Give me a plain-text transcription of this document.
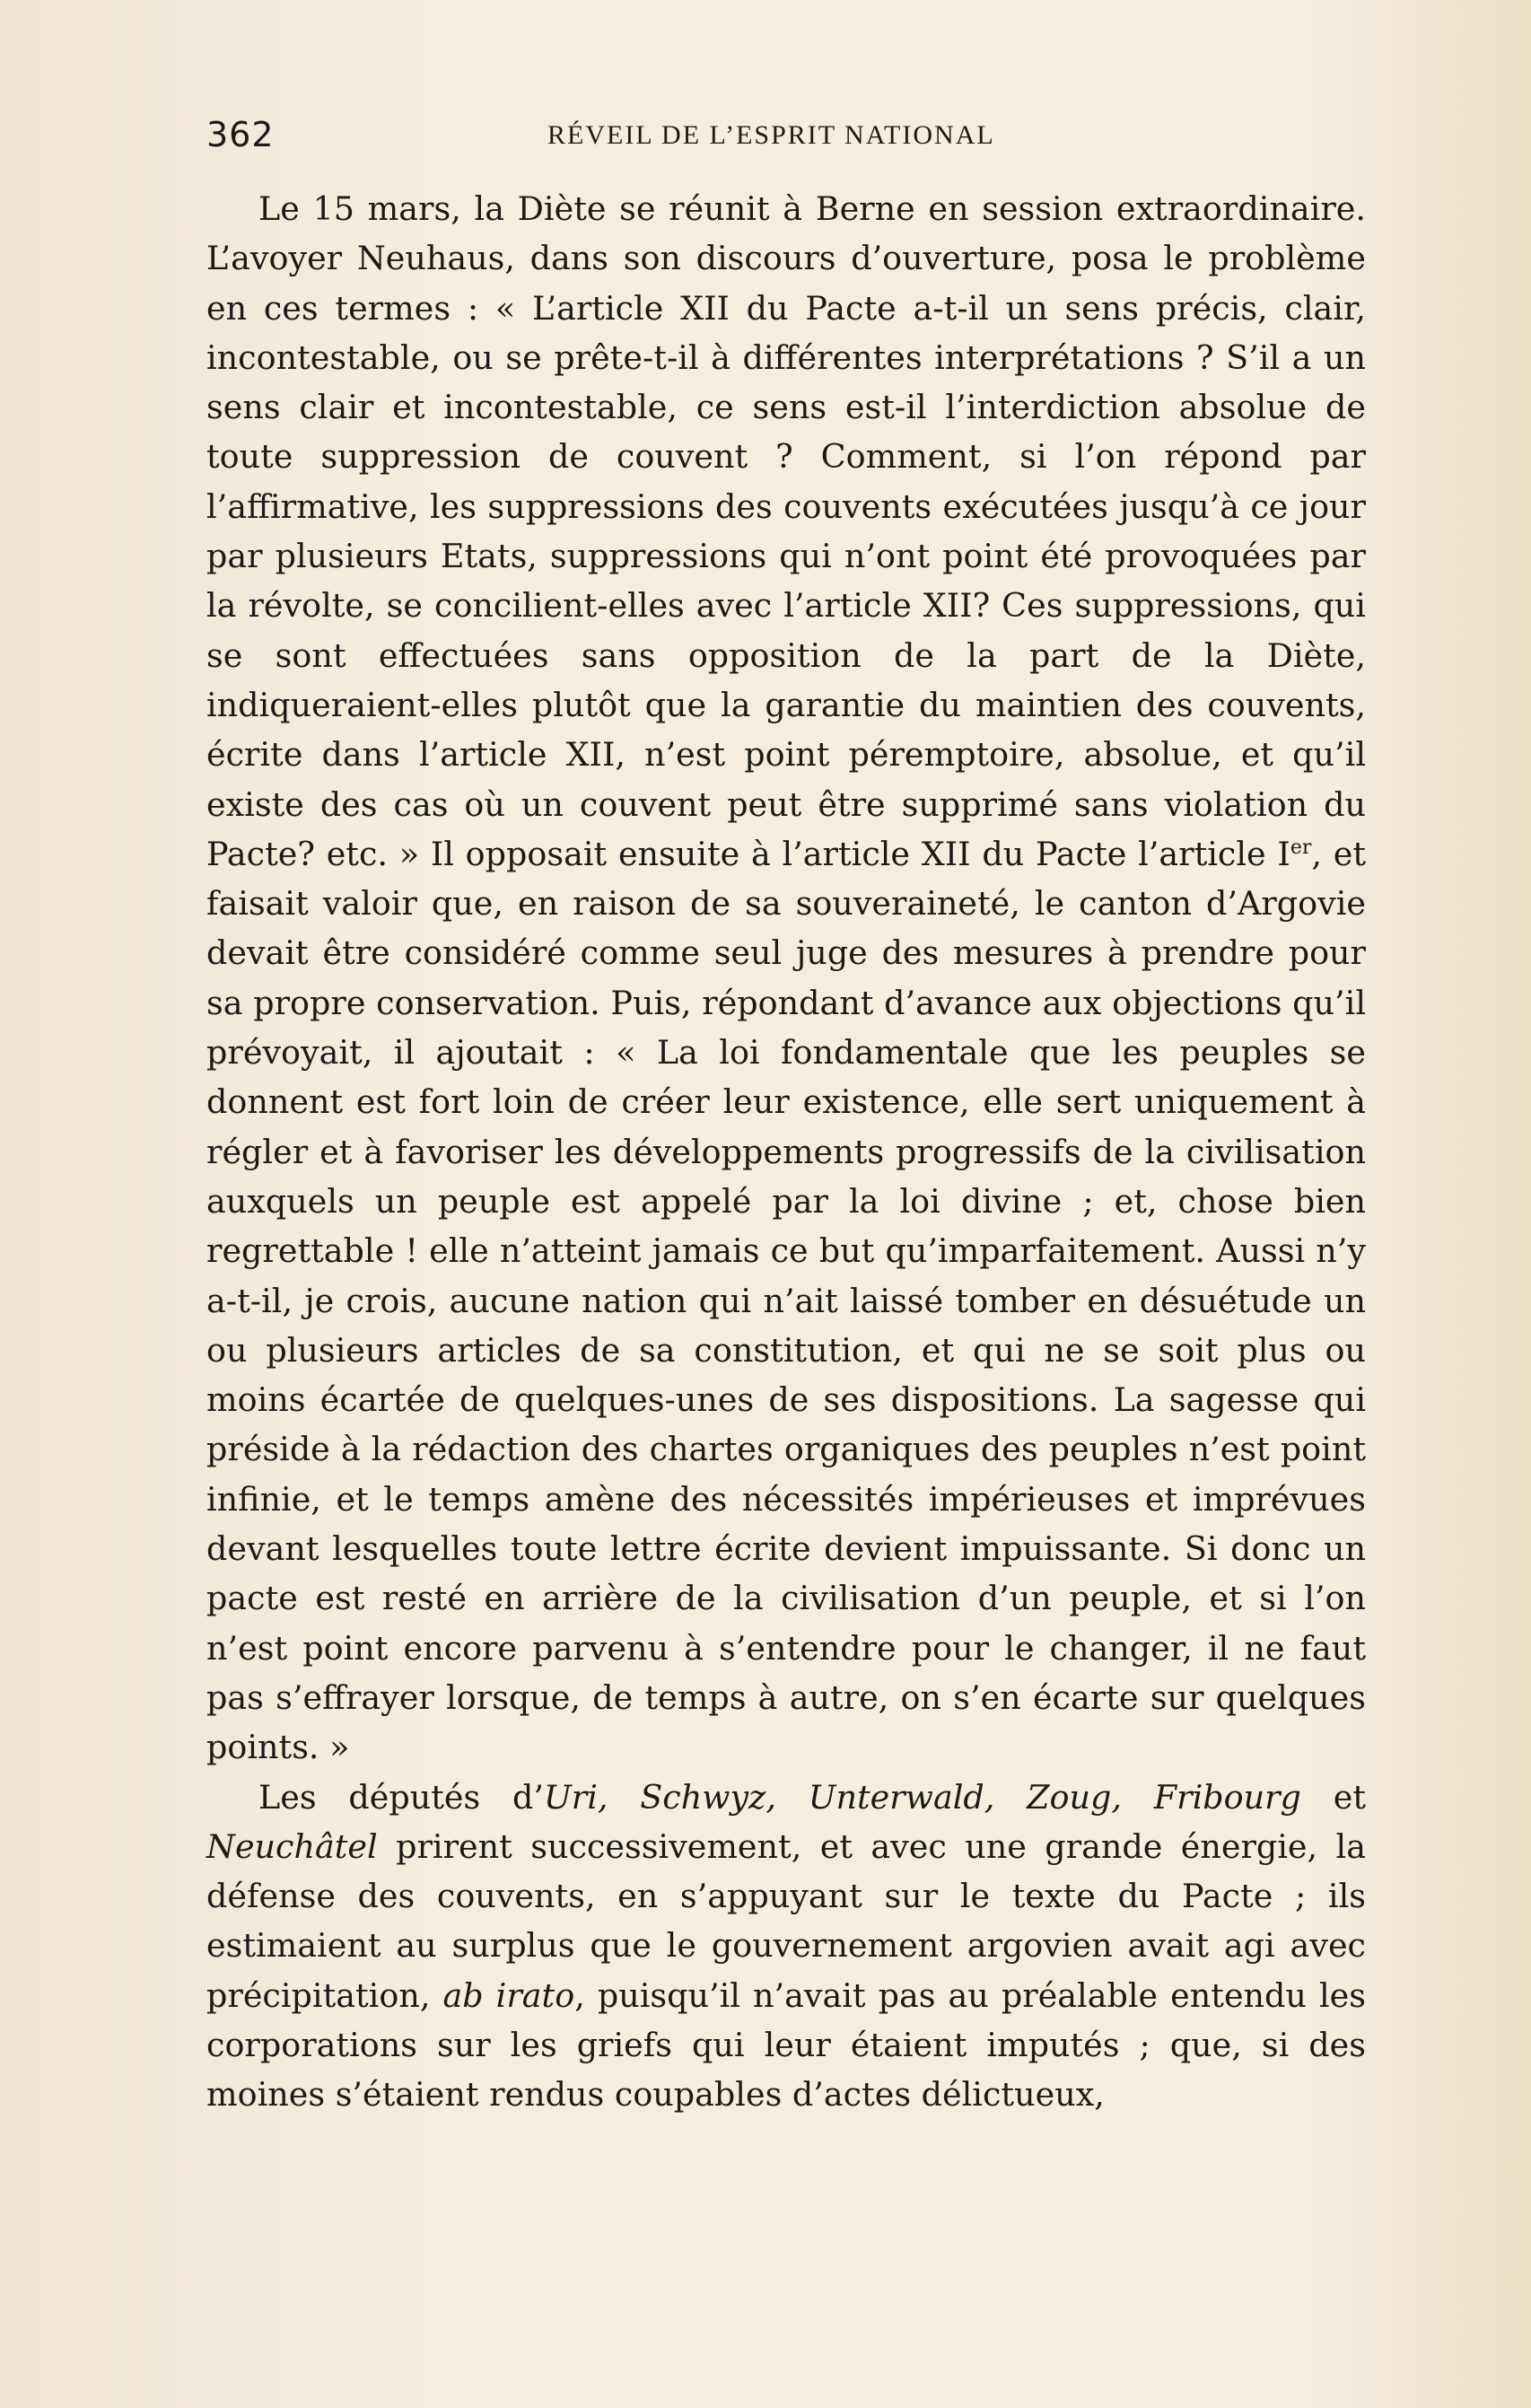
362	RÉVEIL DE L’ESPRIT NATIONAL

Le 15 mars, la Diète se réunit à Berne en session extraordinaire. L’avoyer Neuhaus, dans son discours d’ouverture, posa le problème en ces termes : « L’article XII du Pacte a-t-il un sens précis, clair, incontestable, ou se prête-t-il à différentes interprétations ? S’il a un sens clair et incontestable, ce sens est-il l’interdiction absolue de toute suppression de couvent ? Comment, si l’on répond par l’affirmative, les suppressions des couvents exécutées jusqu’à ce jour par plusieurs Etats, suppressions qui n’ont point été provoquées par la révolte, se concilient-elles avec l’article XII? Ces suppressions, qui se sont effectuées sans opposition de la part de la Diète, indiqueraient-elles plutôt que la garantie du maintien des couvents, écrite dans l’article XII, n’est point péremptoire, absolue, et qu’il existe des cas où un couvent peut être supprimé sans violation du Pacte? etc. » Il opposait ensuite à l’article XII du Pacte l’article Ier, et faisait valoir que, en raison de sa souveraineté, le canton d’Argovie devait être considéré comme seul juge des mesures à prendre pour sa propre conservation. Puis, répondant d’avance aux objections qu’il prévoyait, il ajoutait : « La loi fondamentale que les peuples se donnent est fort loin de créer leur existence, elle sert uniquement à régler et à favoriser les développements progressifs de la civilisation auxquels un peuple est appelé par la loi divine ; et, chose bien regrettable ! elle n’atteint jamais ce but qu’imparfaitement. Aussi n’y a-t-il, je crois, aucune nation qui n’ait laissé tomber en désuétude un ou plusieurs articles de sa constitution, et qui ne se soit plus ou moins écartée de quelques-unes de ses dispositions. La sagesse qui préside à la rédaction des chartes organiques des peuples n’est point infinie, et le temps amène des nécessités impérieuses et imprévues devant lesquelles toute lettre écrite devient impuissante. Si donc un pacte est resté en arrière de la civilisation d’un peuple, et si l’on n’est point encore parvenu à s’entendre pour le changer, il ne faut pas s’effrayer lorsque, de temps à autre, on s’en écarte sur quelques points. »

Les députés d’Uri, Schwyz, Unterwald, Zoug, Fribourg et Neuchâtel prirent successivement, et avec une grande énergie, la défense des couvents, en s’appuyant sur le texte du Pacte ; ils estimaient au surplus que le gouvernement argovien avait agi avec précipitation, ab irato, puisqu’il n’avait pas au préalable entendu les corporations sur les griefs qui leur étaient imputés ; que, si des moines s’étaient rendus coupables d’actes délictueux,
